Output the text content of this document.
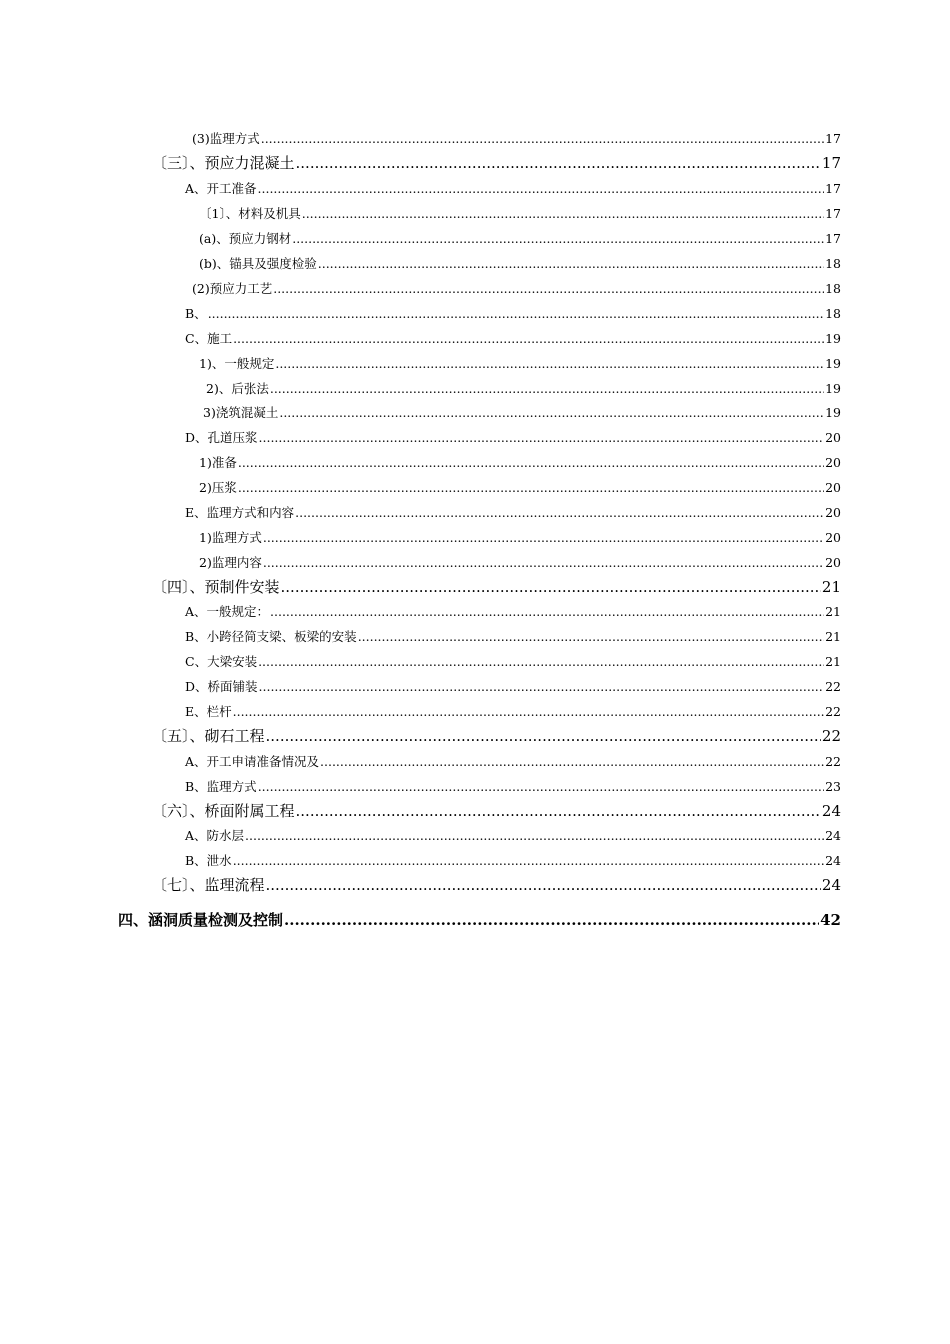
(3)监理方式 .....	17
〔三〕、预应力混凝土 .....	17
A、开工准备 .....	17
〔1〕、材料及机具 .....	17
(a)、预应力钢材 .....	17
(b)、锚具及强度检验 .....	18
(2)预应力工艺 .....	18
B、 .....	18
C、施工 .....	19
1)、一般规定 .....	19
2)、后张法 .....	19
3)浇筑混凝土 .....	19
D、孔道压浆 .....	20
1)准备 .....	20
2)压浆 .....	20
E、监理方式和内容 .....	20
1)监理方式 .....	20
2)监理内容 .....	20
〔四〕、预制件安装 .....	21
A、一般规定： .....	21
B、小跨径简支梁、板梁的安装 .....	21
C、大梁安装 .....	21
D、桥面铺装 .....	22
E、栏杆 .....	22
〔五〕、砌石工程 .....	22
A、开工申请准备情况及 .....	22
B、监理方式 .....	23
〔六〕、桥面附属工程 .....	24
A、防水层 .....	24
B、泄水 .....	24
〔七〕、监理流程 .....	24
四、涵洞质量检测及控制 .....	42
